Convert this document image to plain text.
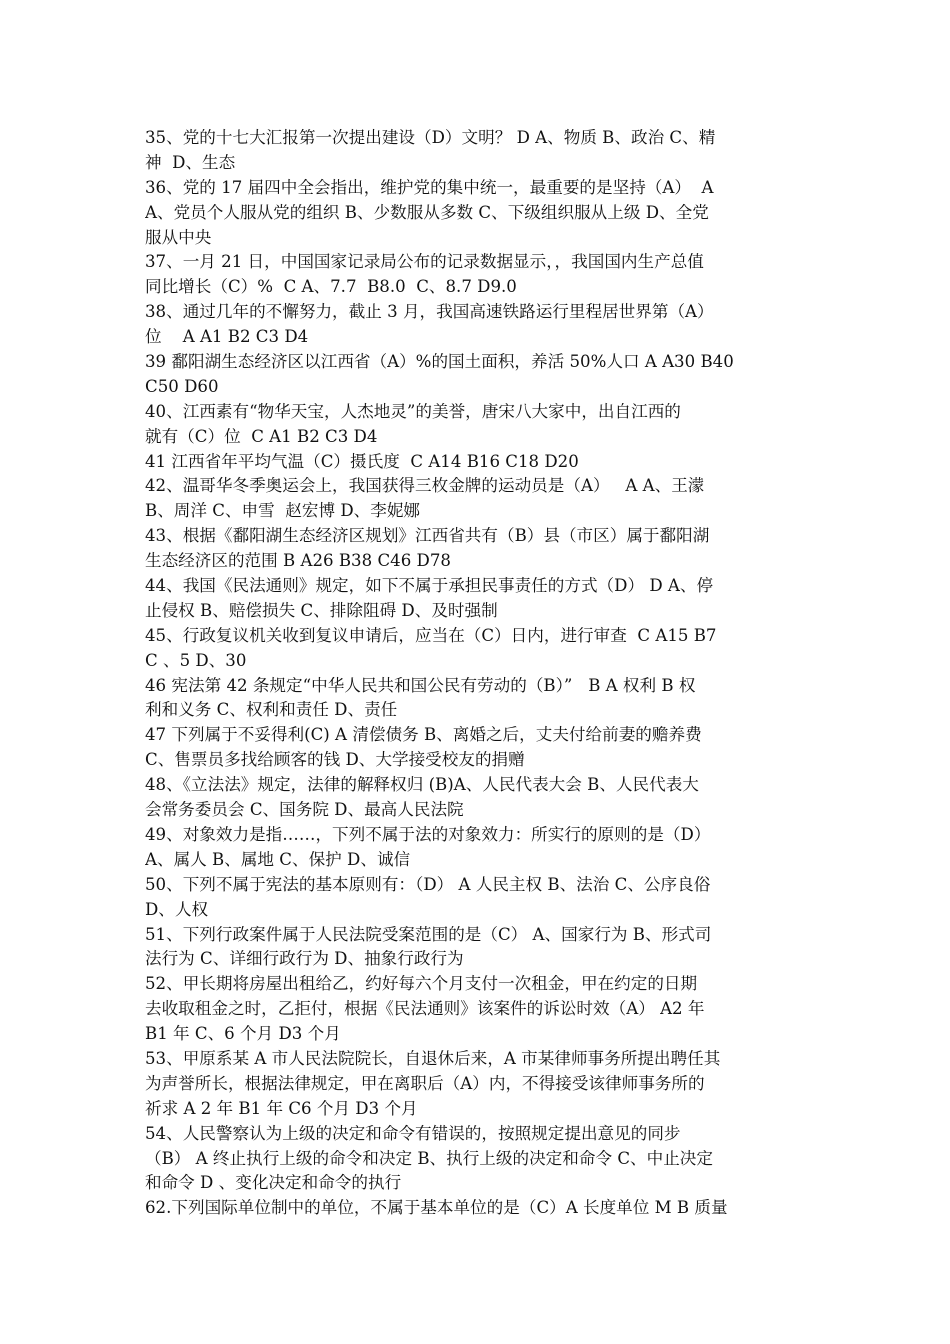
35、党的十七大汇报第一次提出建设（D）文明？ D A、物质 B、政治 C、精
神  D、生态
36、党的 17 届四中全会指出，维护党的集中统一，最重要的是坚持（A）  A
A、党员个人服从党的组织 B、少数服从多数 C、下级组织服从上级 D、全党
服从中央
37、一月 21 日，中国国家记录局公布的记录数据显示，，我国国内生产总值
同比增长（C）%  C A、7.7  B8.0  C、8.7 D9.0
38、通过几年的不懈努力，截止 3 月，我国高速铁路运行里程居世界第（A）
位    A A1 B2 C3 D4
39 鄱阳湖生态经济区以江西省（A）%的国土面积，养活 50%人口 A A30 B40
C50 D60
40、江西素有“物华天宝，人杰地灵”的美誉，唐宋八大家中，出自江西的
就有（C）位  C A1 B2 C3 D4
41 江西省年平均气温（C）摄氏度  C A14 B16 C18 D20
42、温哥华冬季奥运会上，我国获得三枚金牌的运动员是（A）   A A、王濛
B、周洋 C、申雪  赵宏博 D、李妮娜
43、根据《鄱阳湖生态经济区规划》江西省共有（B）县（市区）属于鄱阳湖
生态经济区的范围 B A26 B38 C46 D78
44、我国《民法通则》规定，如下不属于承担民事责任的方式（D） D A、停
止侵权 B、赔偿损失 C、排除阻碍 D、及时强制
45、行政复议机关收到复议申请后，应当在（C）日内，进行审查  C A15 B7
C 、5 D、30
46 宪法第 42 条规定“中华人民共和国公民有劳动的（B）”   B A 权利 B 权
利和义务 C、权利和责任 D、责任
47 下列属于不妥得利(C) A 清偿债务 B、离婚之后，丈夫付给前妻的赡养费
C、售票员多找给顾客的钱 D、大学接受校友的捐赠
48、《立法法》规定，法律的解释权归 (B)A、人民代表大会 B、人民代表大
会常务委员会 C、国务院 D、最高人民法院
49、对象效力是指……，下列不属于法的对象效力：所实行的原则的是（D）
A、属人 B、属地 C、保护 D、诚信
50、下列不属于宪法的基本原则有：（D） A 人民主权 B、法治 C、公序良俗
D、人权
51、下列行政案件属于人民法院受案范围的是（C） A、国家行为 B、形式司
法行为 C、详细行政行为 D、抽象行政行为
52、甲长期将房屋出租给乙，约好每六个月支付一次租金，甲在约定的日期
去收取租金之时，乙拒付，根据《民法通则》该案件的诉讼时效（A） A2 年
B1 年 C、6 个月 D3 个月
53、甲原系某 A 市人民法院院长，自退休后来，A 市某律师事务所提出聘任其
为声誉所长，根据法律规定，甲在离职后（A）内，不得接受该律师事务所的
祈求 A 2 年 B1 年 C6 个月 D3 个月
54、人民警察认为上级的决定和命令有错误的，按照规定提出意见的同步
（B） A 终止执行上级的命令和决定 B、执行上级的决定和命令 C、中止决定
和命令 D 、变化决定和命令的执行
62.下列国际单位制中的单位，不属于基本单位的是（C）A 长度单位 M B 质量
